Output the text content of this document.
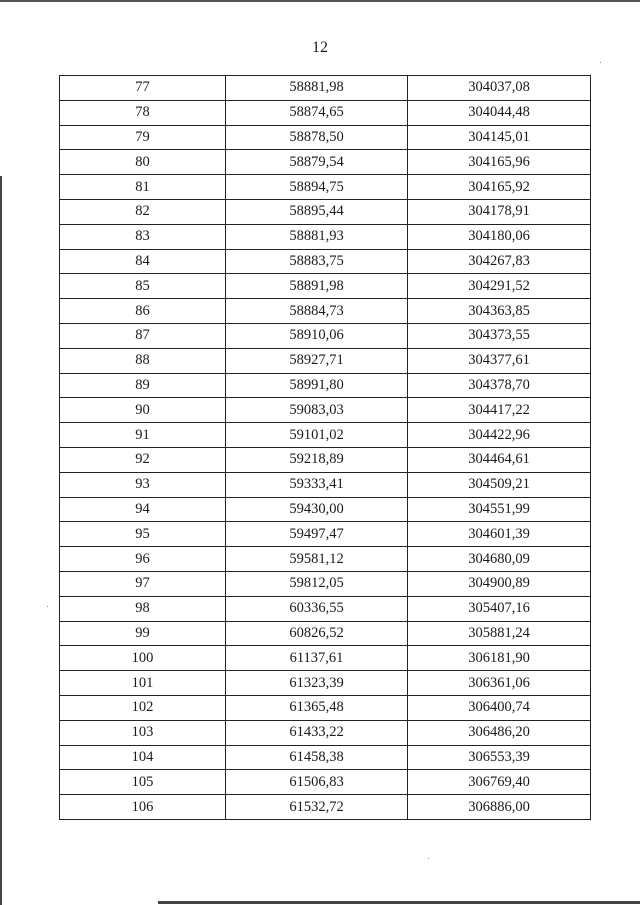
12
77	58881,98	304037,08
78	58874,65	304044,48
79	58878,50	304145,01
80	58879,54	304165,96
81	58894,75	304165,92
82	58895,44	304178,91
83	58881,93	304180,06
84	58883,75	304267,83
85	58891,98	304291,52
86	58884,73	304363,85
87	58910,06	304373,55
88	58927,71	304377,61
89	58991,80	304378,70
90	59083,03	304417,22
91	59101,02	304422,96
92	59218,89	304464,61
93	59333,41	304509,21
94	59430,00	304551,99
95	59497,47	304601,39
96	59581,12	304680,09
97	59812,05	304900,89
98	60336,55	305407,16
99	60826,52	305881,24
100	61137,61	306181,90
101	61323,39	306361,06
102	61365,48	306400,74
103	61433,22	306486,20
104	61458,38	306553,39
105	61506,83	306769,40
106	61532,72	306886,00
